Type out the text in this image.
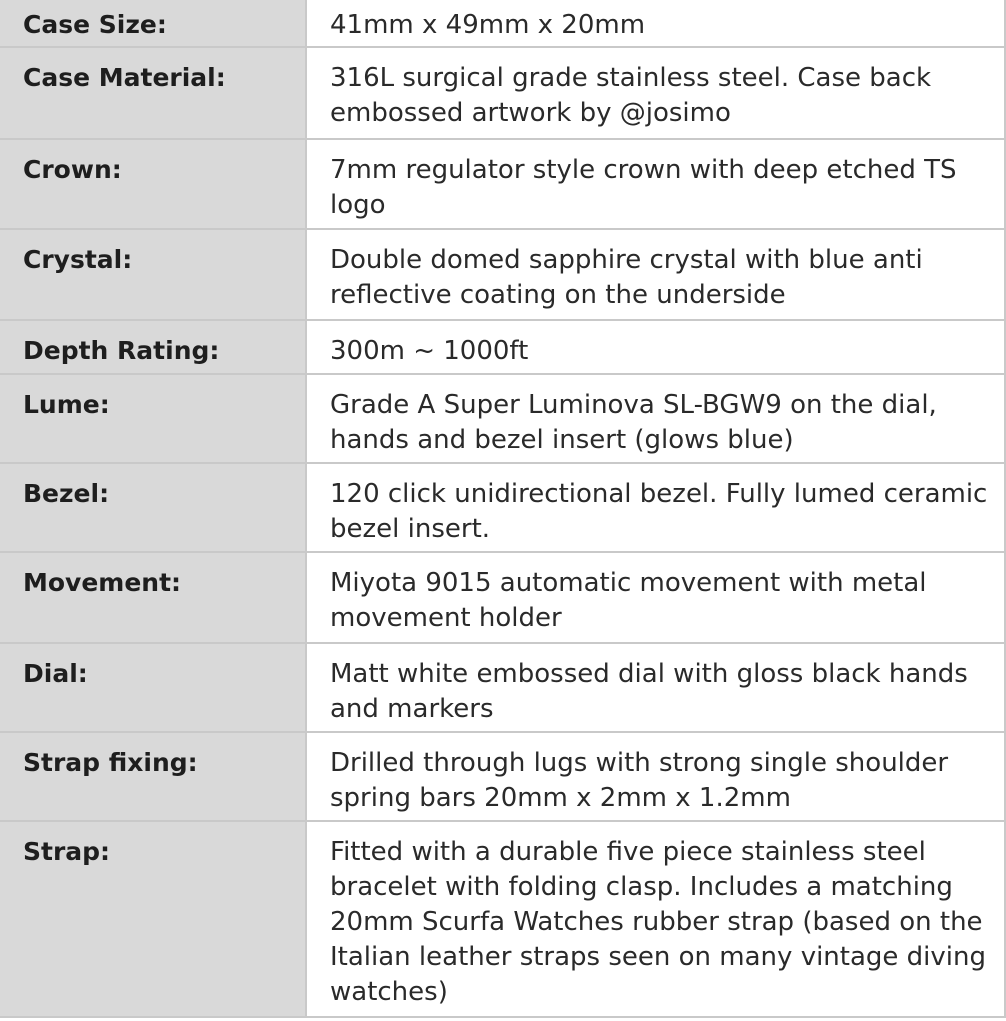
Case Size:	41mm x 49mm x 20mm
Case Material:	316L surgical grade stainless steel. Case back embossed artwork by @josimo
Crown:	7mm regulator style crown with deep etched TS logo
Crystal:	Double domed sapphire crystal with blue anti reflective coating on the underside
Depth Rating:	300m ~ 1000ft
Lume:	Grade A Super Luminova SL-BGW9 on the dial, hands and bezel insert (glows blue)
Bezel:	120 click unidirectional bezel. Fully lumed ceramic bezel insert.
Movement:	Miyota 9015 automatic movement with metal movement holder
Dial:	Matt white embossed dial with gloss black hands and markers
Strap fixing:	Drilled through lugs with strong single shoulder spring bars 20mm x 2mm x 1.2mm
Strap:	Fitted with a durable five piece stainless steel bracelet with folding clasp. Includes a matching 20mm Scurfa Watches rubber strap (based on the Italian leather straps seen on many vintage diving watches)
